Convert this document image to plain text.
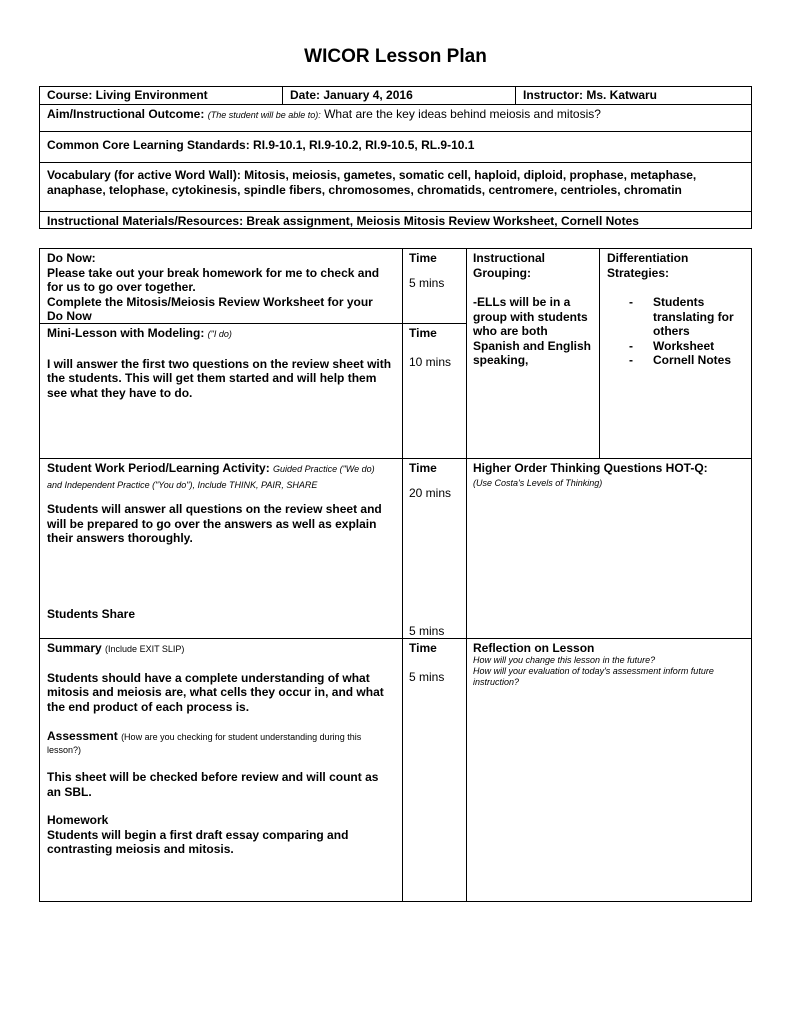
WICOR Lesson Plan
Course: Living Environment	Date: January 4, 2016	Instructor: Ms. Katwaru
Aim/Instructional Outcome: (The student will be able to): What are the key ideas behind meiosis and mitosis?
Common Core Learning Standards: RI.9-10.1, RI.9-10.2, RI.9-10.5, RL.9-10.1
Vocabulary (for active Word Wall): Mitosis, meiosis, gametes, somatic cell, haploid, diploid, prophase, metaphase, anaphase, telophase, cytokinesis, spindle fibers, chromosomes, chromatids, centromere, centrioles, chromatin
Instructional Materials/Resources: Break assignment, Meiosis Mitosis Review Worksheet, Cornell Notes

Do Now:

Please take out your break homework for me to check and for us to go over together.

Complete the Mitosis/Meiosis Review Worksheet for your Do Now

Time

5 mins

Mini-Lesson with Modeling: ("I do)

I will answer the first two questions on the review sheet with the students. This will get them started and will help them see what they have to do.

Time

10 mins

Instructional Grouping:

-ELLs will be in a group with students who are both Spanish and English speaking,

Differentiation Strategies:

- Students translating for others
- Worksheet
- Cornell Notes

Student Work Period/Learning Activity: Guided Practice ("We do) and Independent Practice ("You do"), Include THINK, PAIR, SHARE

Students will answer all questions on the review sheet and will be prepared to go over the answers as well as explain their answers thoroughly.

Students Share

Time

20 mins

5 mins

Higher Order Thinking Questions HOT-Q:

(Use Costa's Levels of Thinking)

Summary (Include EXIT SLIP)

Students should have a complete understanding of what mitosis and meiosis are, what cells they occur in, and what the end product of each process is.

Assessment (How are you checking for student understanding during this lesson?)

This sheet will be checked before review and will count as an SBL.

Homework

Students will begin a first draft essay comparing and contrasting meiosis and mitosis.

Time

5 mins

Reflection on Lesson

How will you change this lesson in the future?

How will your evaluation of today's assessment inform future instruction?
